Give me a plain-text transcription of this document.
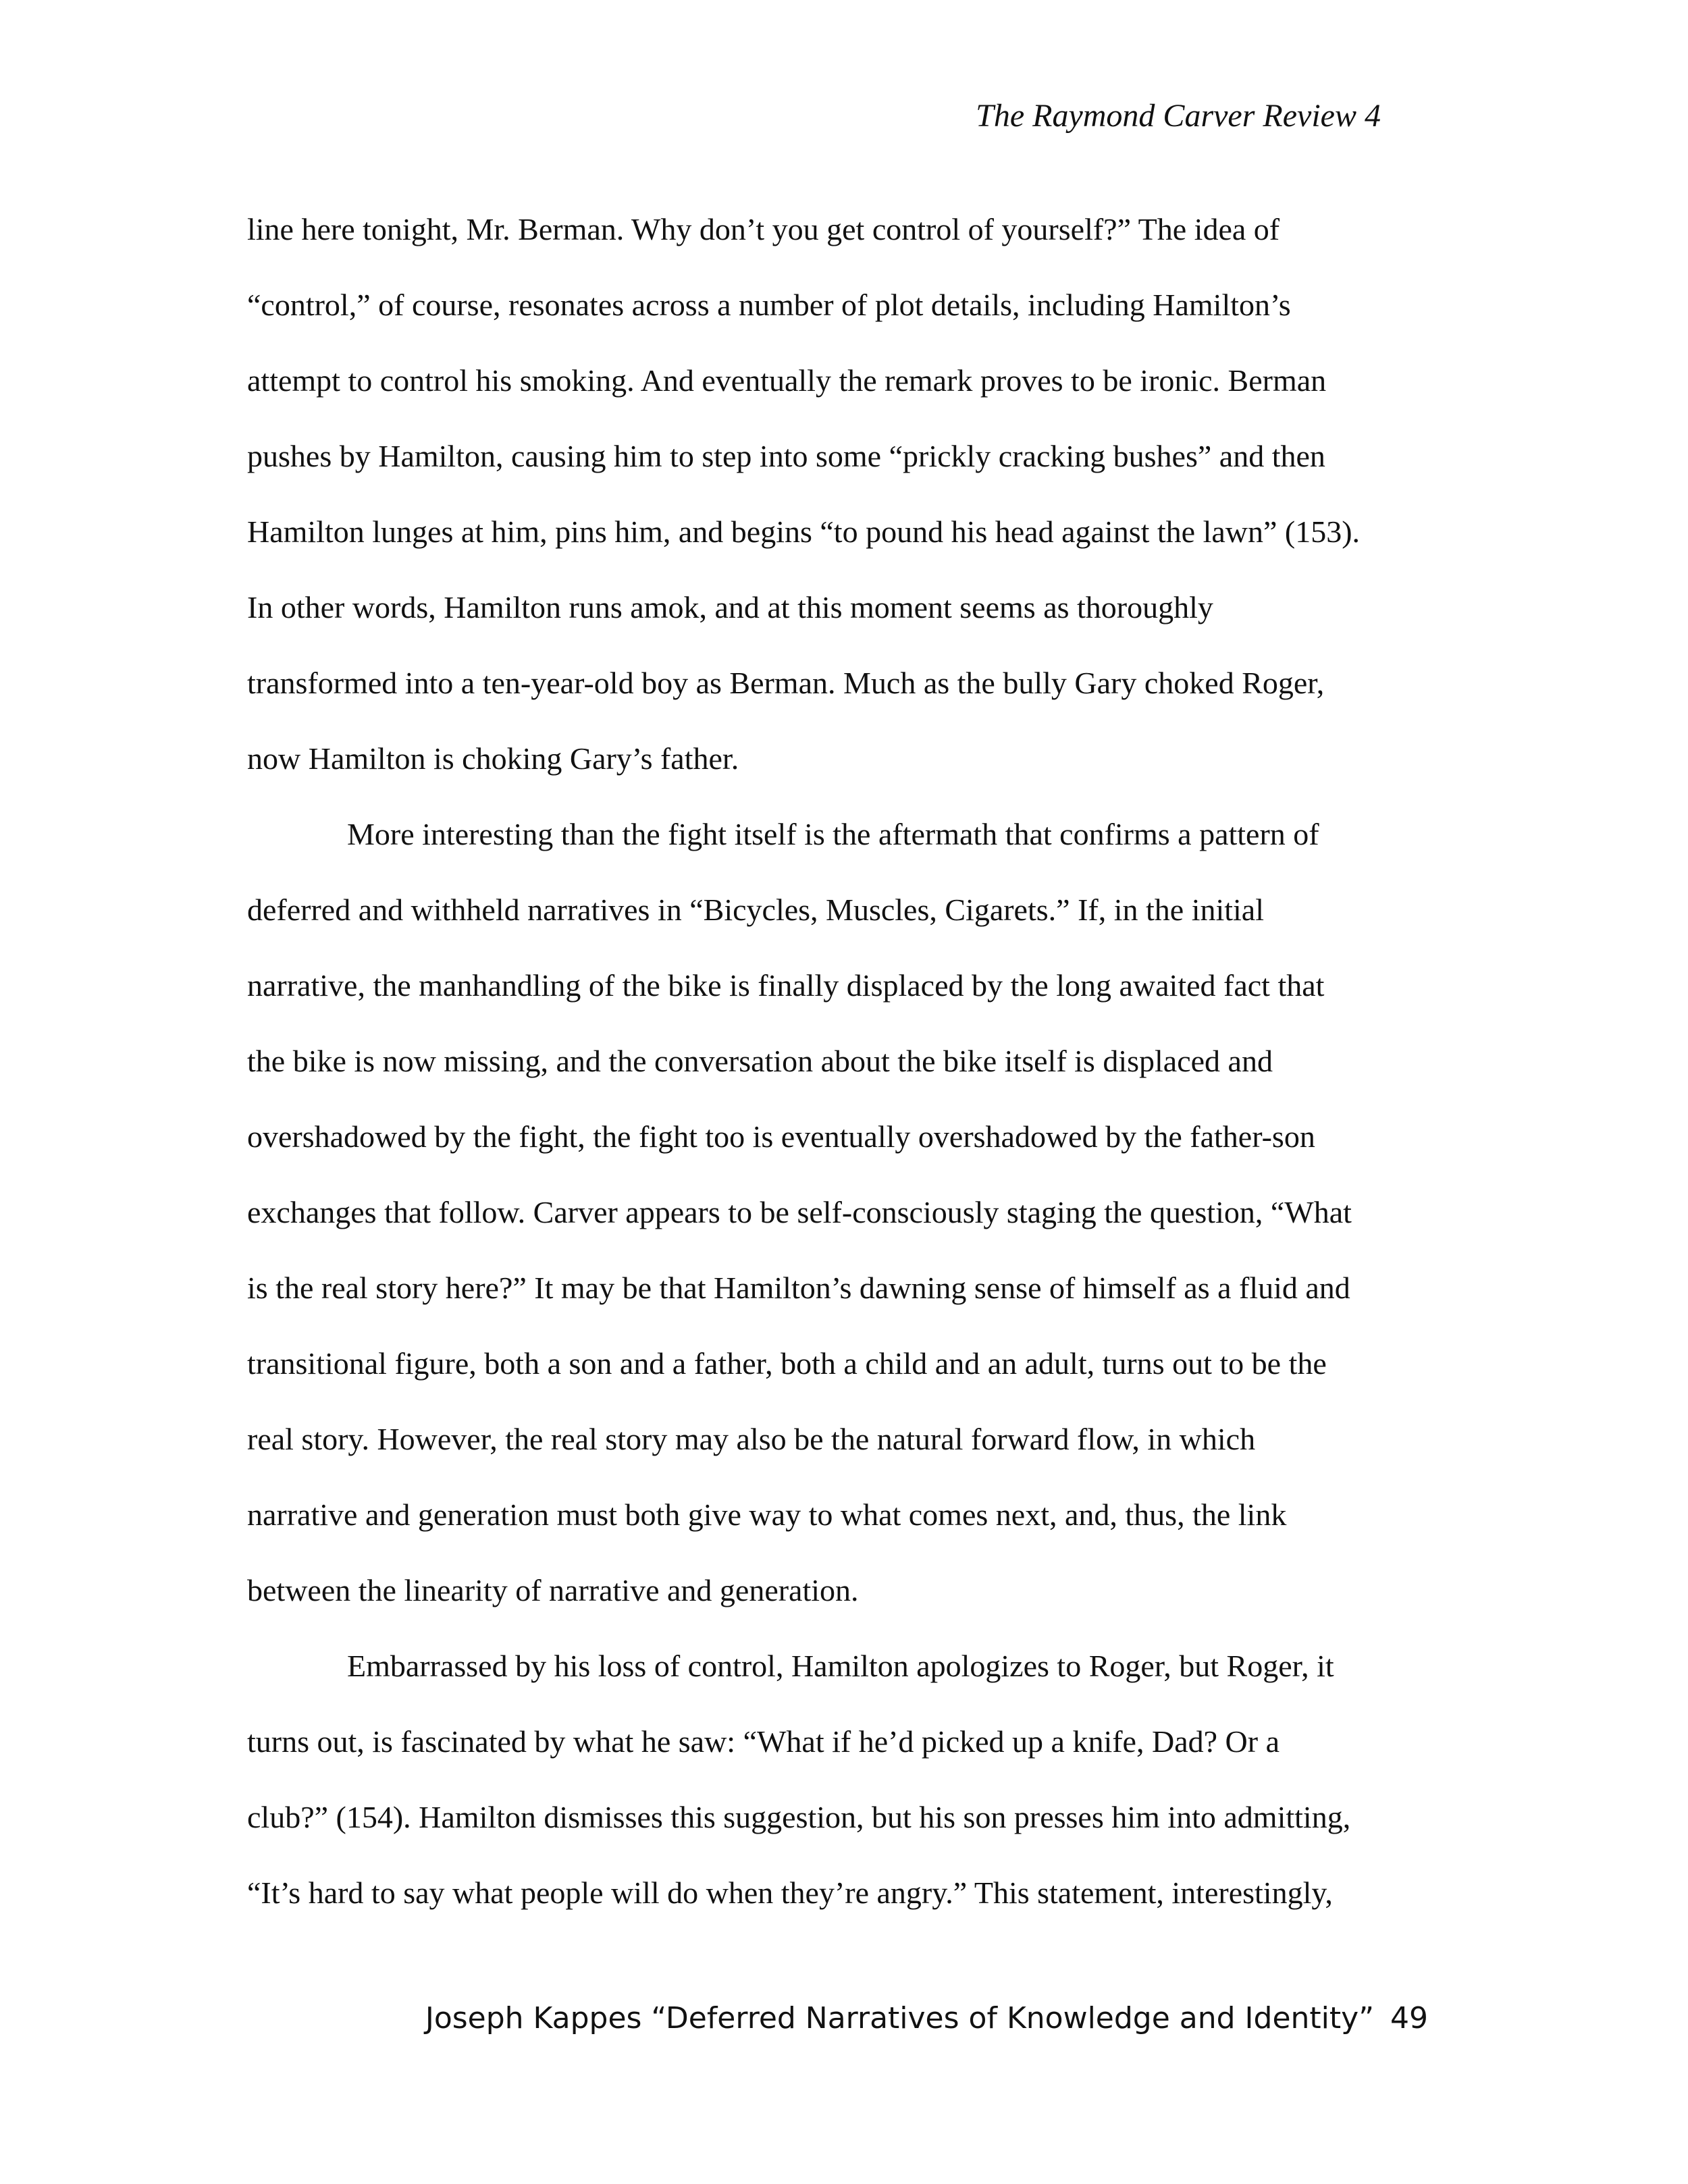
The Raymond Carver Review 4

line here tonight, Mr. Berman. Why don’t you get control of yourself?” The idea of

“control,” of course, resonates across a number of plot details, including Hamilton’s

attempt to control his smoking. And eventually the remark proves to be ironic. Berman

pushes by Hamilton, causing him to step into some “prickly cracking bushes” and then

Hamilton lunges at him, pins him, and begins “to pound his head against the lawn” (153).

In other words, Hamilton runs amok, and at this moment seems as thoroughly

transformed into a ten-year-old boy as Berman. Much as the bully Gary choked Roger,

now Hamilton is choking Gary’s father.

More interesting than the fight itself is the aftermath that confirms a pattern of

deferred and withheld narratives in “Bicycles, Muscles, Cigarets.” If, in the initial

narrative, the manhandling of the bike is finally displaced by the long awaited fact that

the bike is now missing, and the conversation about the bike itself is displaced and

overshadowed by the fight, the fight too is eventually overshadowed by the father-son

exchanges that follow. Carver appears to be self-consciously staging the question, “What

is the real story here?” It may be that Hamilton’s dawning sense of himself as a fluid and

transitional figure, both a son and a father, both a child and an adult, turns out to be the

real story. However, the real story may also be the natural forward flow, in which

narrative and generation must both give way to what comes next, and, thus, the link

between the linearity of narrative and generation.

Embarrassed by his loss of control, Hamilton apologizes to Roger, but Roger, it

turns out, is fascinated by what he saw: “What if he’d picked up a knife, Dad? Or a

club?” (154). Hamilton dismisses this suggestion, but his son presses him into admitting,

“It’s hard to say what people will do when they’re angry.” This statement, interestingly,

Joseph Kappes “Deferred Narratives of Knowledge and Identity” 49
